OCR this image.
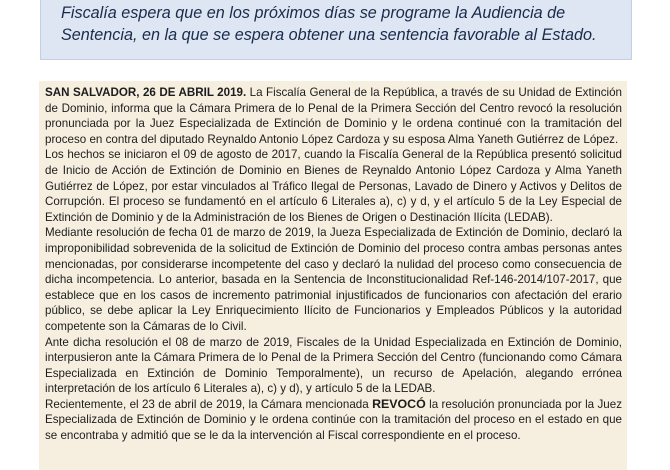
Fiscalía espera que en los próximos días se programe la Audiencia de Sentencia, en la que se espera obtener una sentencia favorable al Estado.

SAN SALVADOR, 26 DE ABRIL 2019. La Fiscalía General de la República, a través de su Unidad de Extinción de Dominio, informa que la Cámara Primera de lo Penal de la Primera Sección del Centro revocó la resolución pronunciada por la Juez Especializada de Extinción de Dominio y le ordena continué con la tramitación del proceso en contra del diputado Reynaldo Antonio López Cardoza y su esposa Alma Yaneth Gutiérrez de López.

Los hechos se iniciaron el 09 de agosto de 2017, cuando la Fiscalía General de la República presentó solicitud de Inicio de Acción de Extinción de Dominio en Bienes de Reynaldo Antonio López Cardoza y Alma Yaneth Gutiérrez de López, por estar vinculados al Tráfico Ilegal de Personas, Lavado de Dinero y Activos y Delitos de Corrupción. El proceso se fundamentó en el artículo 6 Literales a), c) y d, y el artículo 5 de la Ley Especial de Extinción de Dominio y de la Administración de los Bienes de Origen o Destinación Ilícita (LEDAB).

Mediante resolución de fecha 01 de marzo de 2019, la Jueza Especializada de Extinción de Dominio, declaró la improponibilidad sobrevenida de la solicitud de Extinción de Dominio del proceso contra ambas personas antes mencionadas, por considerarse incompetente del caso y declaró la nulidad del proceso como consecuencia de dicha incompetencia. Lo anterior, basada en la Sentencia de Inconstitucionalidad Ref-146-2014/107-2017, que establece que en los casos de incremento patrimonial injustificados de funcionarios con afectación del erario público, se debe aplicar la Ley Enriquecimiento Ilícito de Funcionarios y Empleados Públicos y la autoridad competente son la Cámaras de lo Civil.

Ante dicha resolución el 08 de marzo de 2019, Fiscales de la Unidad Especializada en Extinción de Dominio, interpusieron ante la Cámara Primera de lo Penal de la Primera Sección del Centro (funcionando como Cámara Especializada en Extinción de Dominio Temporalmente), un recurso de Apelación, alegando errónea interpretación de los artículo 6 Literales a), c) y d), y artículo 5 de la LEDAB.

Recientemente, el 23 de abril de 2019, la Cámara mencionada REVOCÓ la resolución pronunciada por la Juez Especializada de Extinción de Dominio y le ordena continúe con la tramitación del proceso en el estado en que se encontraba y admitió que se le da la intervención al Fiscal correspondiente en el proceso.
